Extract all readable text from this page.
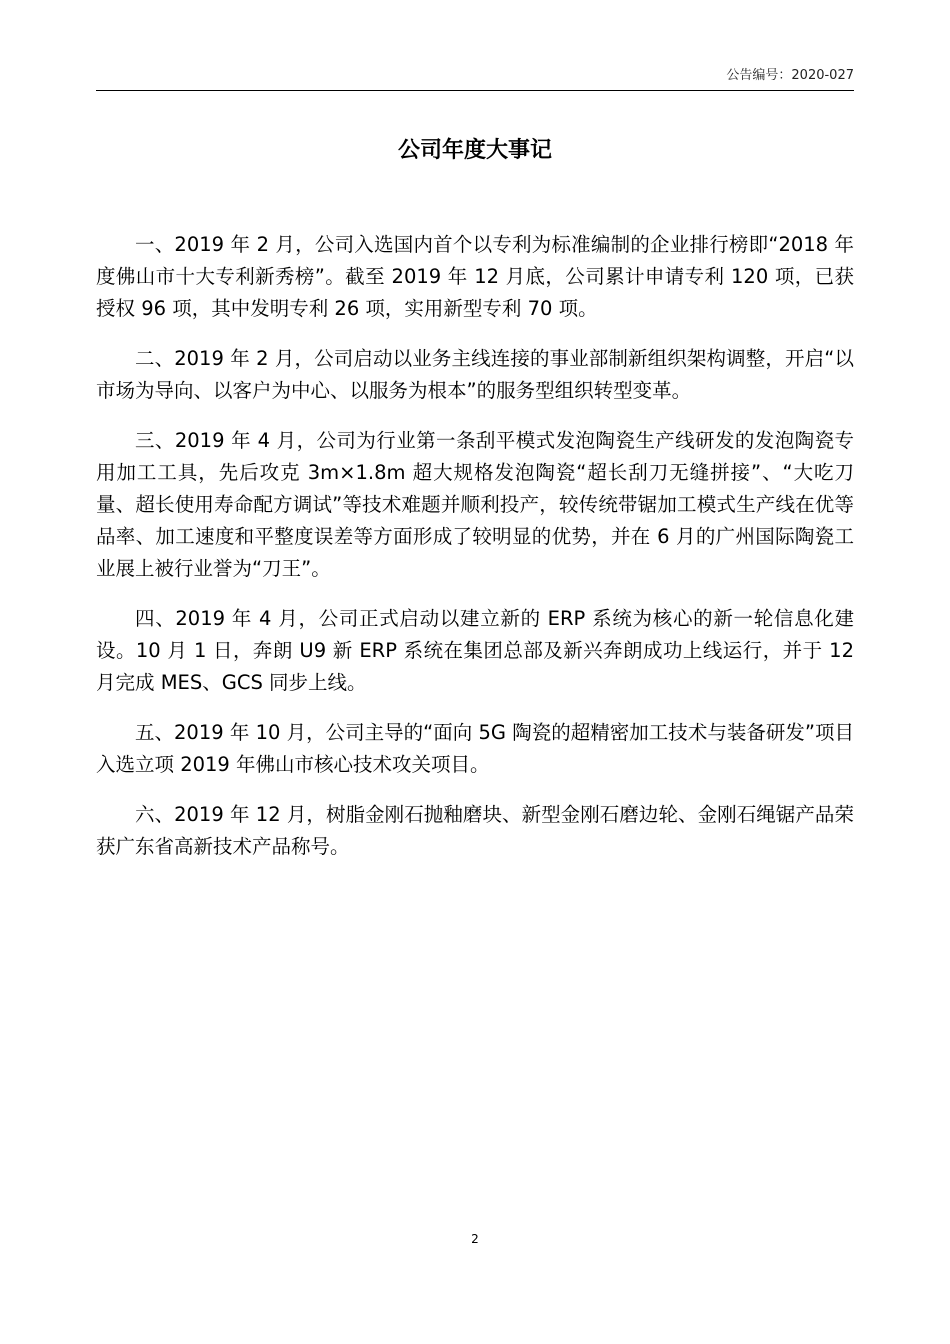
公告编号：2020-027
公司年度大事记

一、2019 年 2 月，公司入选国内首个以专利为标准编制的企业排行榜即“2018 年度佛山市十大专利新秀榜”。截至 2019 年 12 月底，公司累计申请专利 120 项，已获授权 96 项，其中发明专利 26 项，实用新型专利 70 项。

二、2019 年 2 月，公司启动以业务主线连接的事业部制新组织架构调整，开启“以市场为导向、以客户为中心、以服务为根本”的服务型组织转型变革。

三、2019 年 4 月，公司为行业第一条刮平模式发泡陶瓷生产线研发的发泡陶瓷专用加工工具，先后攻克 3m×1.8m 超大规格发泡陶瓷“超长刮刀无缝拼接”、“大吃刀量、超长使用寿命配方调试”等技术难题并顺利投产，较传统带锯加工模式生产线在优等品率、加工速度和平整度误差等方面形成了较明显的优势，并在 6 月的广州国际陶瓷工业展上被行业誉为“刀王”。

四、2019 年 4 月，公司正式启动以建立新的 ERP 系统为核心的新一轮信息化建设。10 月 1 日，奔朗 U9 新 ERP 系统在集团总部及新兴奔朗成功上线运行，并于 12 月完成 MES、GCS 同步上线。

五、2019 年 10 月，公司主导的“面向 5G 陶瓷的超精密加工技术与装备研发”项目入选立项 2019 年佛山市核心技术攻关项目。

六、2019 年 12 月，树脂金刚石抛釉磨块、新型金刚石磨边轮、金刚石绳锯产品荣获广东省高新技术产品称号。

2
